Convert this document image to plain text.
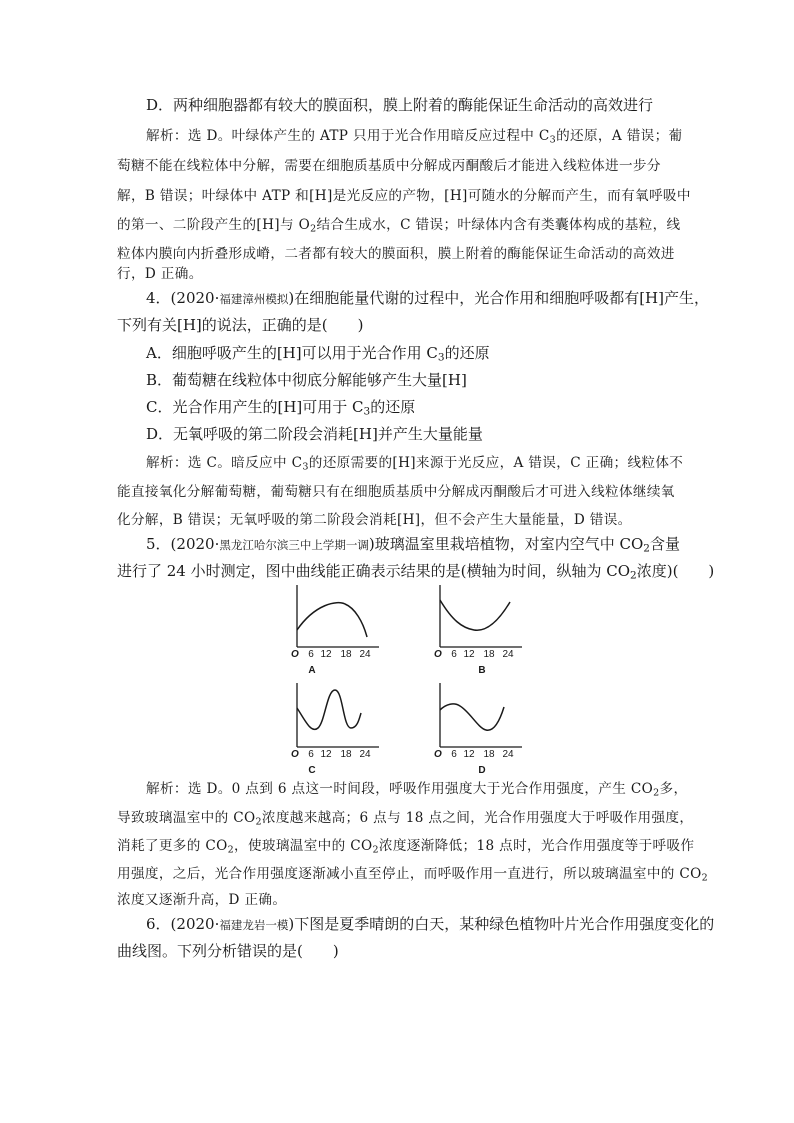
D．两种细胞器都有较大的膜面积，膜上附着的酶能保证生命活动的高效进行
解析：选 D。叶绿体产生的 ATP 只用于光合作用暗反应过程中 $C_3$的还原，A 错误；葡
萄糖不能在线粒体中分解，需要在细胞质基质中分解成丙酮酸后才能进入线粒体进一步分
解，B 错误；叶绿体中 ATP 和[H]是光反应的产物，[H]可随水的分解而产生，而有氧呼吸中
的第一、二阶段产生的[H]与 $O_2$结合生成水，C 错误；叶绿体内含有类囊体构成的基粒，线
粒体内膜向内折叠形成嵴，二者都有较大的膜面积，膜上附着的酶能保证生命活动的高效进
行，D 正确。
4．(2020·福建漳州模拟)在细胞能量代谢的过程中，光合作用和细胞呼吸都有[H]产生，
下列有关[H]的说法，正确的是(　　)
A．细胞呼吸产生的[H]可以用于光合作用 $C_3$的还原
B．葡萄糖在线粒体中彻底分解能够产生大量[H]
C．光合作用产生的[H]可用于 $C_3$的还原
D．无氧呼吸的第二阶段会消耗[H]并产生大量能量
解析：选 C。暗反应中 $C_3$的还原需要的[H]来源于光反应，A 错误，C 正确；线粒体不
能直接氧化分解葡萄糖，葡萄糖只有在细胞质基质中分解成丙酮酸后才可进入线粒体继续氧
化分解，B 错误；无氧呼吸的第二阶段会消耗[H]，但不会产生大量能量，D 错误。
5．(2020·黑龙江哈尔滨三中上学期一调)玻璃温室里栽培植物，对室内空气中 $CO_2$含量
进行了 24 小时测定，图中曲线能正确表示结果的是(横轴为时间，纵轴为 $CO_2$浓度)(　　)
O 6 12 18 24
A
O 6 12 18 24
B
O 6 12 18 24
C
O 6 12 18 24
D
解析：选 D。0 点到 6 点这一时间段，呼吸作用强度大于光合作用强度，产生 $CO_2$多，
导致玻璃温室中的 $CO_2$浓度越来越高；6 点与 18 点之间，光合作用强度大于呼吸作用强度，
消耗了更多的 $CO_2$，使玻璃温室中的 $CO_2$浓度逐渐降低；18 点时，光合作用强度等于呼吸作
用强度，之后，光合作用强度逐渐减小直至停止，而呼吸作用一直进行，所以玻璃温室中的 $CO_2$
浓度又逐渐升高，D 正确。
6．(2020·福建龙岩一模)下图是夏季晴朗的白天，某种绿色植物叶片光合作用强度变化的
曲线图。下列分析错误的是(　　)
